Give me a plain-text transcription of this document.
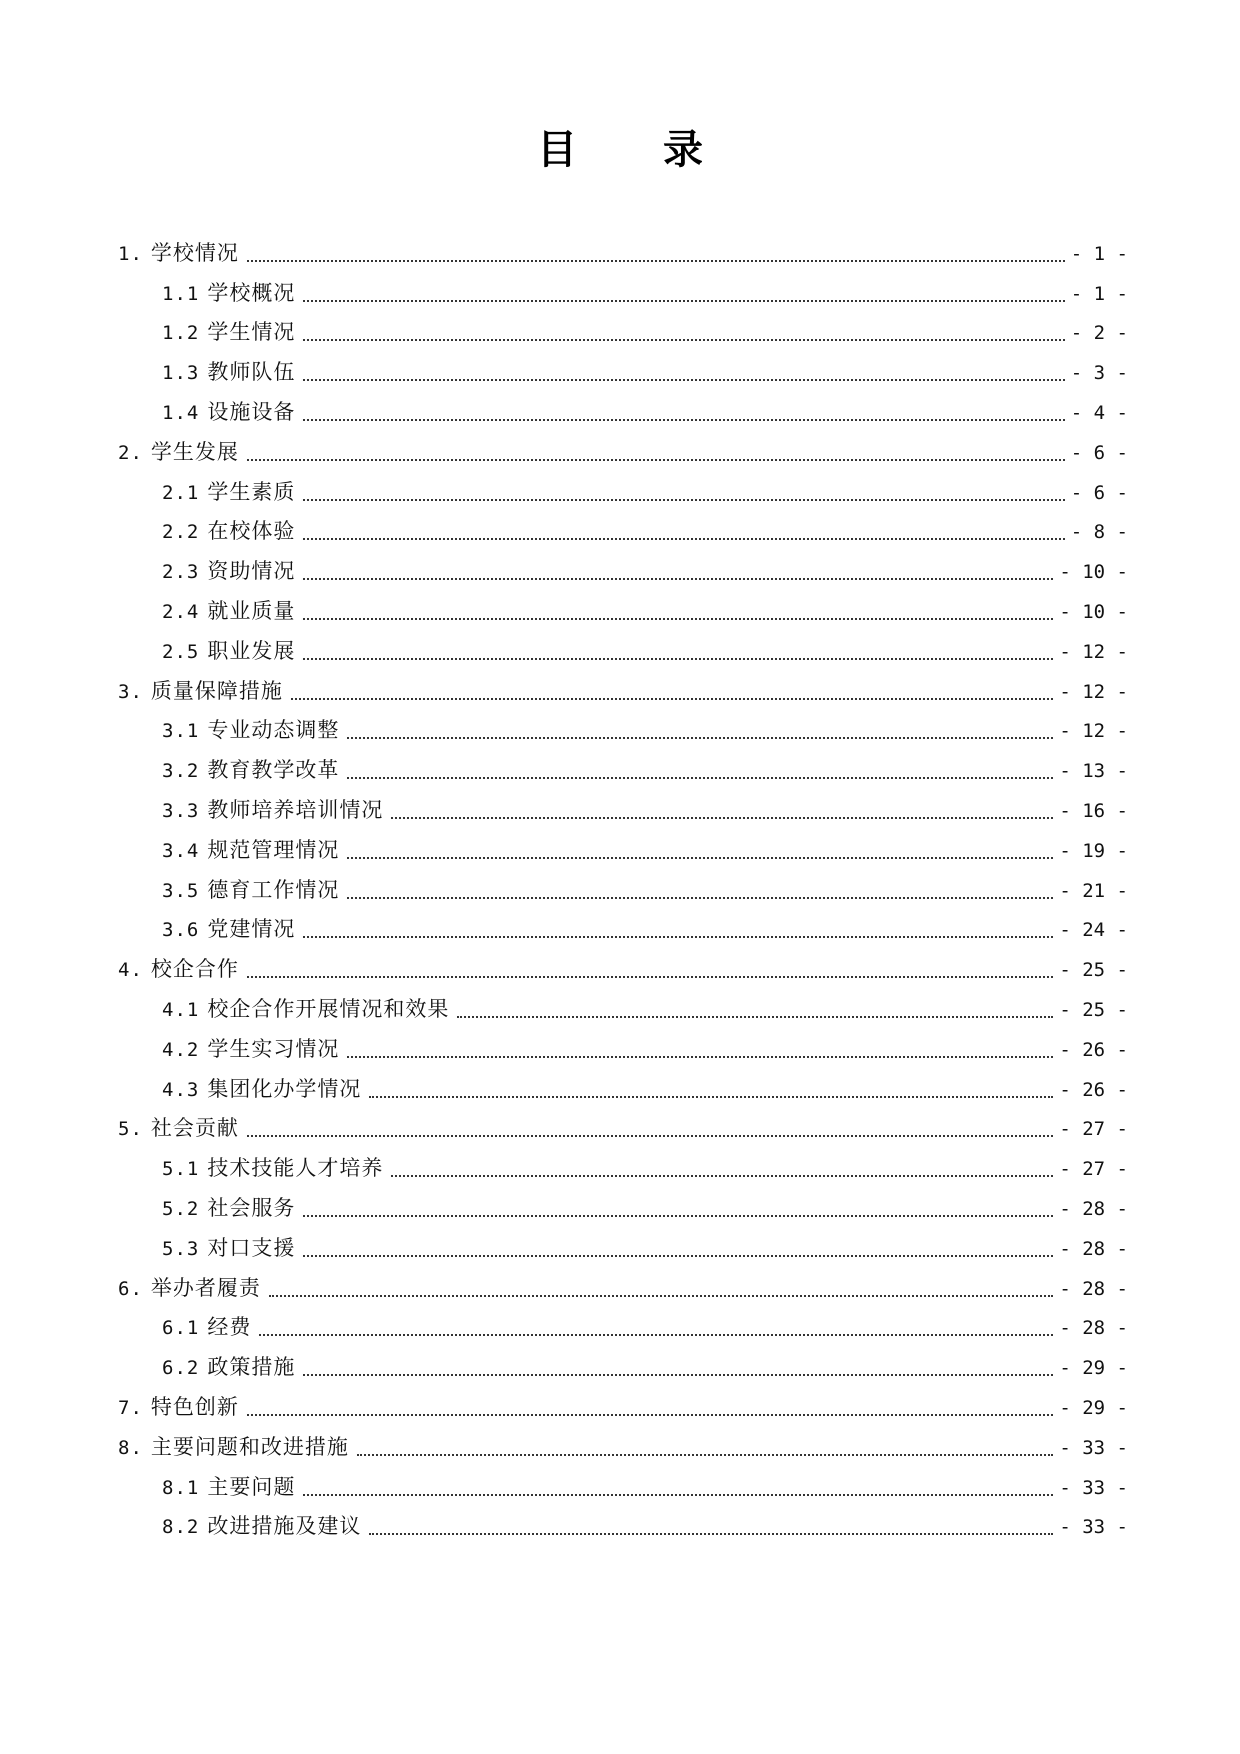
目 录
1. 学校情况	- 1 -
1.1 学校概况	- 1 -
1.2 学生情况	- 2 -
1.3 教师队伍	- 3 -
1.4 设施设备	- 4 -
2. 学生发展	- 6 -
2.1 学生素质	- 6 -
2.2 在校体验	- 8 -
2.3 资助情况	- 10 -
2.4 就业质量	- 10 -
2.5 职业发展	- 12 -
3. 质量保障措施	- 12 -
3.1 专业动态调整	- 12 -
3.2 教育教学改革	- 13 -
3.3 教师培养培训情况	- 16 -
3.4 规范管理情况	- 19 -
3.5 德育工作情况	- 21 -
3.6 党建情况	- 24 -
4. 校企合作	- 25 -
4.1 校企合作开展情况和效果	- 25 -
4.2 学生实习情况	- 26 -
4.3 集团化办学情况	- 26 -
5. 社会贡献	- 27 -
5.1 技术技能人才培养	- 27 -
5.2 社会服务	- 28 -
5.3 对口支援	- 28 -
6. 举办者履责	- 28 -
6.1 经费	- 28 -
6.2 政策措施	- 29 -
7. 特色创新	- 29 -
8. 主要问题和改进措施	- 33 -
8.1 主要问题	- 33 -
8.2 改进措施及建议	- 33 -
